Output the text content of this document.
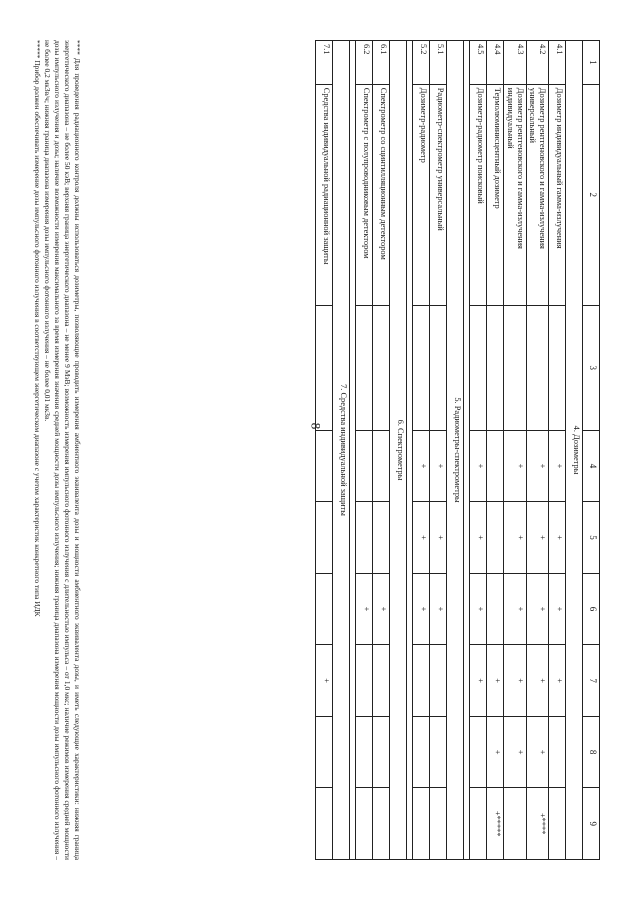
8
1	2	3	4	5	6	7	8	9
4. Дозиметры								
4.1	Дозиметр индивидуальный гамма-излучения		+	+	+	+		
4.2	Дозиметр рентгеновского и гамма-излучения универсальный		+	+	+	+	+	+****
4.3	Дозиметр рентгеновского и гамма-излучения индивидуальный		+	+	+	+	+	
4.4	Термолюминисцентный дозиметр					+	+	+*****
4.5	Дозиметр-радиометр поисковый		+	+	+	+		

5. Радиометры-спектрометры								
5.1	Радиометр-спектрометр универсальный		+	+	+			
5.2	Дозиметр-радиометр		+	+	+			

6. Спектрометры								
6.1	Спектрометр со сцинтилляционным детектором				+			
6.2	Спектрометр с полупроводниковым детектором				+			

7. Средства индивидуальной защиты								
7.1	Средства индивидуальной радиационной защиты					+		

**** Для проведения радиационного контроля должны использоваться дозиметры, позволяющие проводить измерения амбиентного эквивалента дозы и мощности амбиентного эквивалента дозы, и иметь следующие характеристики: нижняя граница энергетического диапазона – не более 50 кэВ; верхняя граница энергетического диапазона – не менее 9 МэВ; возможность измерения импульсного фотонного излучения с длительностью импульса – от 1,0 мкс; наличие режимов измерения средней мощности дозы импульсного излучения и дозы; наличие возможности измерения максимального за время измерения значения средней мощности дозы импульсного излучения; нижняя граница диапазона измерения мощности дозы импульсного фотонного излучения – не более 0,2 мкЗв/ч; нижняя граница диапазона измерения дозы импульсного фотонного излучения – не более 0,01 мкЗв.

***** Прибор должен обеспечивать измерение дозы импульсного фотонного излучения в соответствующем энергетическом диапазоне с учетом характеристик конкретного типа ИДК
